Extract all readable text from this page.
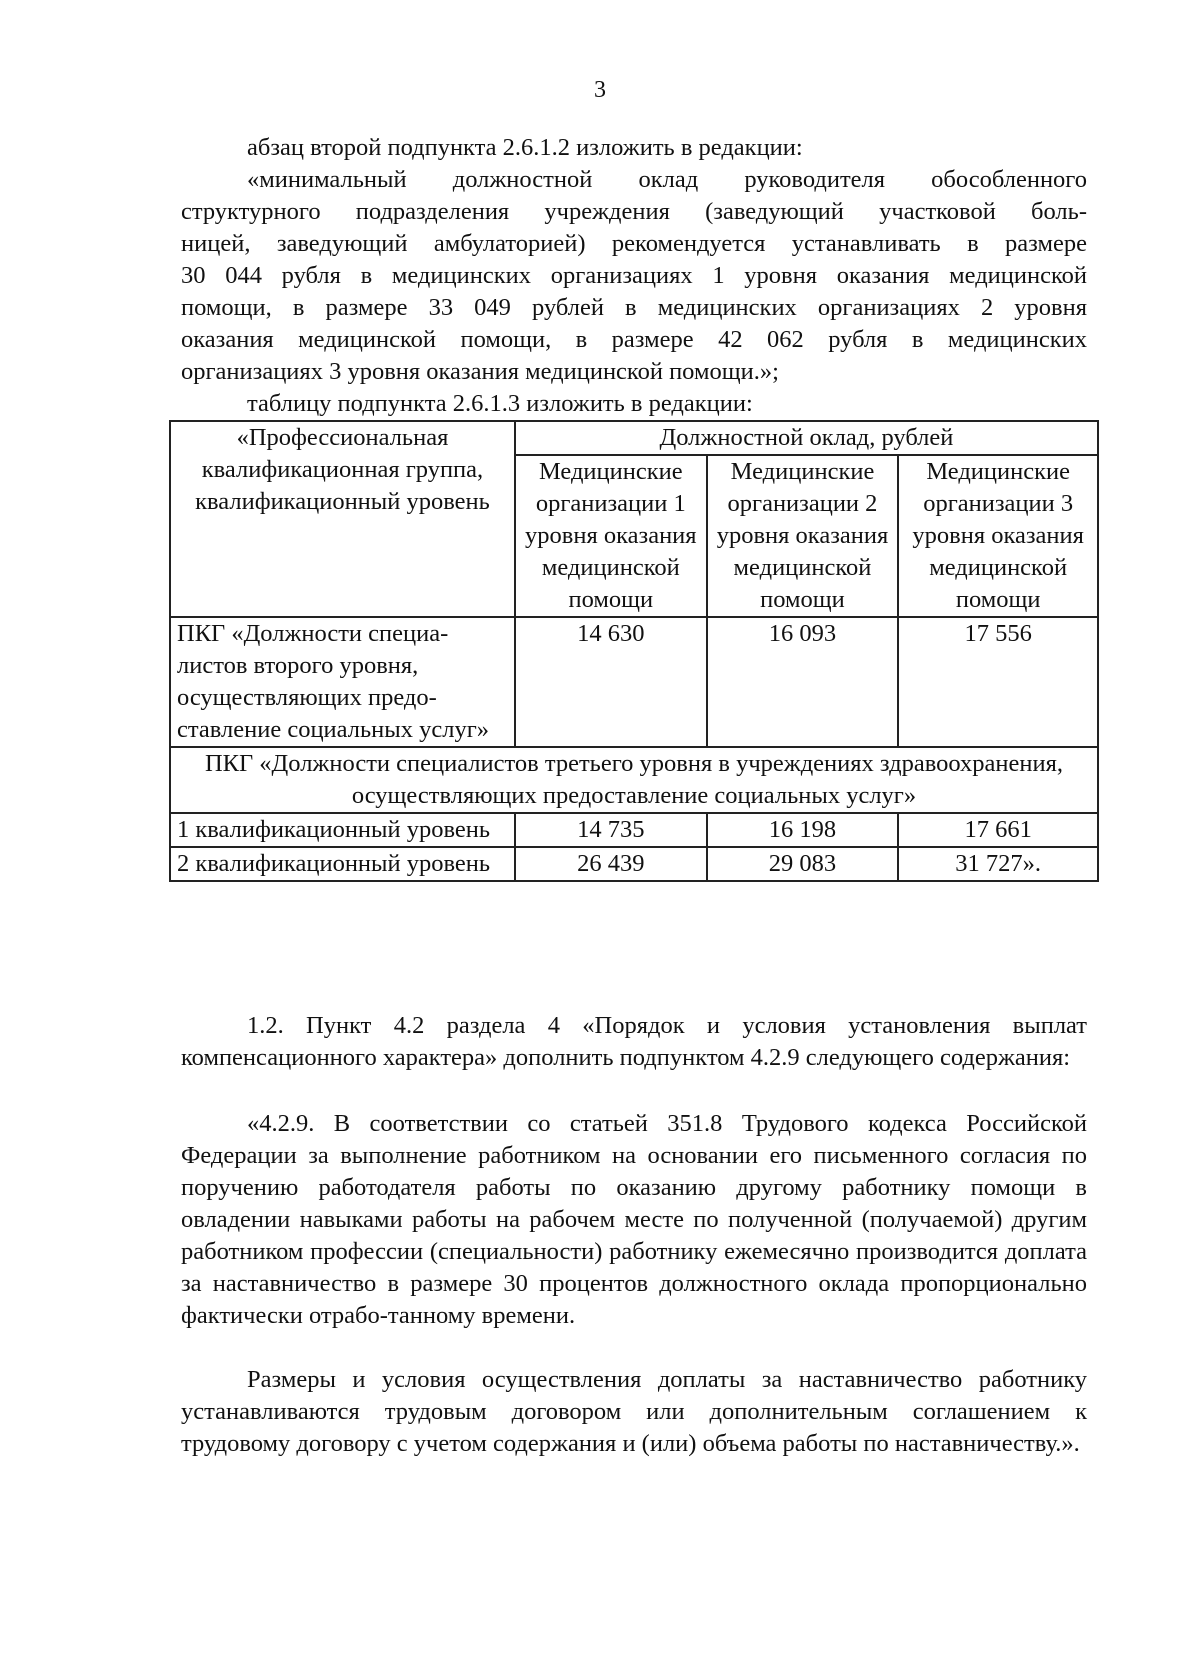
3
абзац второй подпункта 2.6.1.2 изложить в редакции:
«минимальный должностной оклад руководителя обособленного
структурного подразделения учреждения (заведующий участковой боль-
ницей, заведующий амбулаторией) рекомендуется устанавливать в размере
30 044 рубля в медицинских организациях 1 уровня оказания медицинской
помощи, в размере 33 049 рублей в медицинских организациях 2 уровня
оказания медицинской помощи, в размере 42 062 рубля в медицинских
организациях 3 уровня оказания медицинской помощи.»;
таблицу подпункта 2.6.1.3 изложить в редакции:
«Профессиональная квалификационная группа, квалификационный уровень	Должностной оклад, рублей		
	Медицинские организации 1 уровня оказания медицинской помощи	Медицинские организации 2 уровня оказания медицинской помощи	Медицинские организации 3 уровня оказания медицинской помощи
ПКГ «Должности специа-листов второго уровня, осуществляющих предо-ставление социальных услуг»	14 630	16 093	17 556
ПКГ «Должности специалистов третьего уровня в учреждениях здравоохранения, осуществляющих предоставление социальных услуг»			
1 квалификационный уровень	14 735	16 198	17 661
2 квалификационный уровень	26 439	29 083	31 727».

1.2. Пункт 4.2 раздела 4 «Порядок и условия установления выплат компенсационного характера» дополнить подпунктом 4.2.9 следующего содержания:

«4.2.9. В соответствии со статьей 351.8 Трудового кодекса Российской Федерации за выполнение работником на основании его письменного согласия по поручению работодателя работы по оказанию другому работнику помощи в овладении навыками работы на рабочем месте по полученной (получаемой) другим работником профессии (специальности) работнику ежемесячно производится доплата за наставничество в размере 30 процентов должностного оклада пропорционально фактически отрабо-танному времени.

Размеры и условия осуществления доплаты за наставничество работнику устанавливаются трудовым договором или дополнительным соглашением к трудовому договору с учетом содержания и (или) объема работы по наставничеству.».
